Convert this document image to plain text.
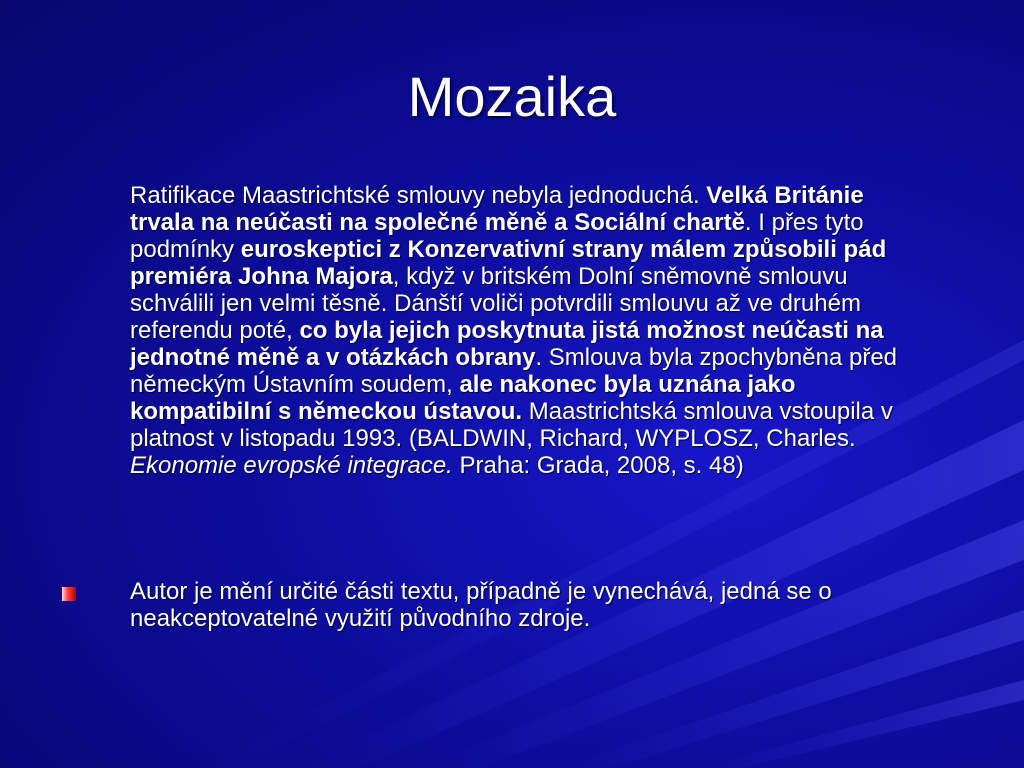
Mozaika
Ratifikace Maastrichtské smlouvy nebyla jednoduchá. Velká Británie trvala na neúčasti na společné měně a Sociální chartě. I přes tyto podmínky euroskeptici z Konzervativní strany málem způsobili pád premiéra Johna Majora, když v britském Dolní sněmovně smlouvu schválili jen velmi těsně. Dánští voliči potvrdili smlouvu až ve druhém referendu poté, co byla jejich poskytnuta jistá možnost neúčasti na jednotné měně a v otázkách obrany. Smlouva byla zpochybněna před německým Ústavním soudem, ale nakonec byla uznána jako kompatibilní s německou ústavou. Maastrichtská smlouva vstoupila v platnost v listopadu 1993. (BALDWIN, Richard, WYPLOSZ, Charles. Ekonomie evropské integrace. Praha: Grada, 2008, s. 48)
Autor je mění určité části textu, případně je vynechává, jedná se o neakceptovatelné využití původního zdroje.
